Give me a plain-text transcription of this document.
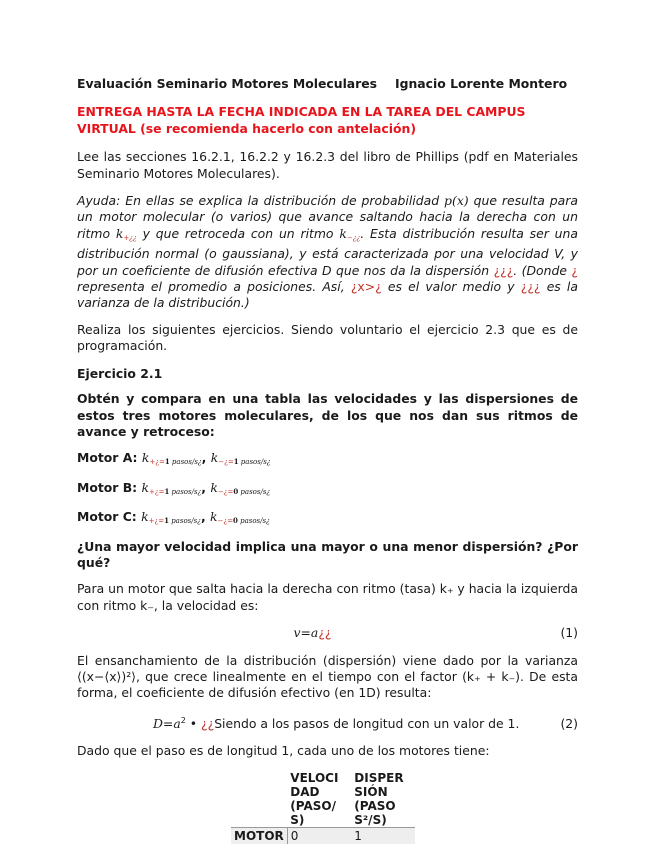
Evaluación Seminario Motores Moleculares	Ignacio Lorente Montero
ENTREGA HASTA LA FECHA INDICADA EN LA TAREA DEL CAMPUS VIRTUAL (se recomienda hacerlo con antelación)

Lee las secciones 16.2.1, 16.2.2 y 16.2.3 del libro de Phillips (pdf en Materiales Seminario Motores Moleculares).

Ayuda: En ellas se explica la distribución de probabilidad p(x) que resulta para un motor molecular (o varios) que avance saltando hacia la derecha con un ritmo $k_{+¿¿}$ y que retroceda con un ritmo $k_{-¿¿}$. Esta distribución resulta ser una distribución normal (o gaussiana), y está caracterizada por una velocidad V, y por un coeficiente de difusión efectiva D que nos da la dispersión ¿¿¿. (Donde ¿ representa el promedio a posiciones. Así, ¿x>¿ es el valor medio y ¿¿¿ es la varianza de la distribución.)

Realiza los siguientes ejercicios. Siendo voluntario el ejercicio 2.3 que es de programación.

Ejercicio 2.1
Obtén y compara en una tabla las velocidades y las dispersiones de estos tres motores moleculares, de los que nos dan sus ritmos de avance y retroceso:
Motor A: $k_{+¿=1 pasos/s¿}$, $k_{-¿=1 pasos/s¿}$
Motor B: $k_{+¿=1 pasos/s¿}$, $k_{-¿=0 pasos/s¿}$
Motor C: $k_{+¿=1 pasos/s¿}$, $k_{-¿=0 pasos/s¿}$
¿Una mayor velocidad implica una mayor o una menor dispersión? ¿Por qué?

Para un motor que salta hacia la derecha con ritmo (tasa) k₊ y hacia la izquierda con ritmo k₋, la velocidad es:

v=a¿¿	(1)

El ensanchamiento de la distribución (dispersión) viene dado por la varianza ⟨(x−⟨x⟩)²⟩, que crece linealmente en el tiempo con el factor (k₊ + k₋). De esta forma, el coeficiente de difusión efectivo (en 1D) resulta:

$D=a^2$ • ¿¿Siendo a los pasos de longitud con un valor de 1.	(2)

Dado que el paso es de longitud 1, cada uno de los motores tiene:

	VELOCI DAD (PASO/ S)	DISPER SIÓN (PASO S²/S)
MOTOR	0	1
